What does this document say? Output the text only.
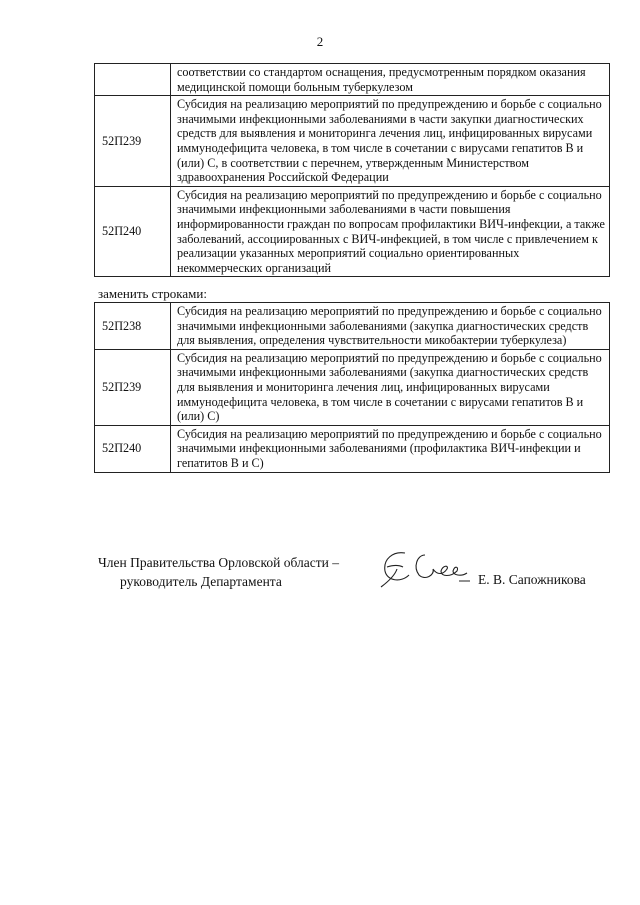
2
	соответствии со стандартом оснащения, предусмотренным порядком оказания медицинской помощи больным туберкулезом
52П239	Субсидия на реализацию мероприятий по предупреждению и борьбе с социально значимыми инфекционными заболеваниями в части закупки диагностических средств для выявления и мониторинга лечения лиц, инфицированных вирусами иммунодефицита человека, в том числе в сочетании с вирусами гепатитов B и (или) C, в соответствии с перечнем, утвержденным Министерством здравоохранения Российской Федерации
52П240	Субсидия на реализацию мероприятий по предупреждению и борьбе с социально значимыми инфекционными заболеваниями в части повышения информированности граждан по вопросам профилактики ВИЧ-инфекции, а также заболеваний, ассоциированных с ВИЧ-инфекцией, в том числе с привлечением к реализации указанных мероприятий социально ориентированных некоммерческих организаций
заменить строками:
52П238	Субсидия на реализацию мероприятий по предупреждению и борьбе с социально значимыми инфекционными заболеваниями (закупка диагностических средств для выявления, определения чувствительности микобактерии туберкулеза)
52П239	Субсидия на реализацию мероприятий по предупреждению и борьбе с социально значимыми инфекционными заболеваниями (закупка диагностических средств для выявления и мониторинга лечения лиц, инфицированных вирусами иммунодефицита человека, в том числе в сочетании с вирусами гепатитов B и (или) C)
52П240	Субсидия на реализацию мероприятий по предупреждению и борьбе с социально значимыми инфекционными заболеваниями (профилактика ВИЧ-инфекции и гепатитов B и C)
Член Правительства Орловской области –
руководитель Департамента	Е. В. Сапожникова
